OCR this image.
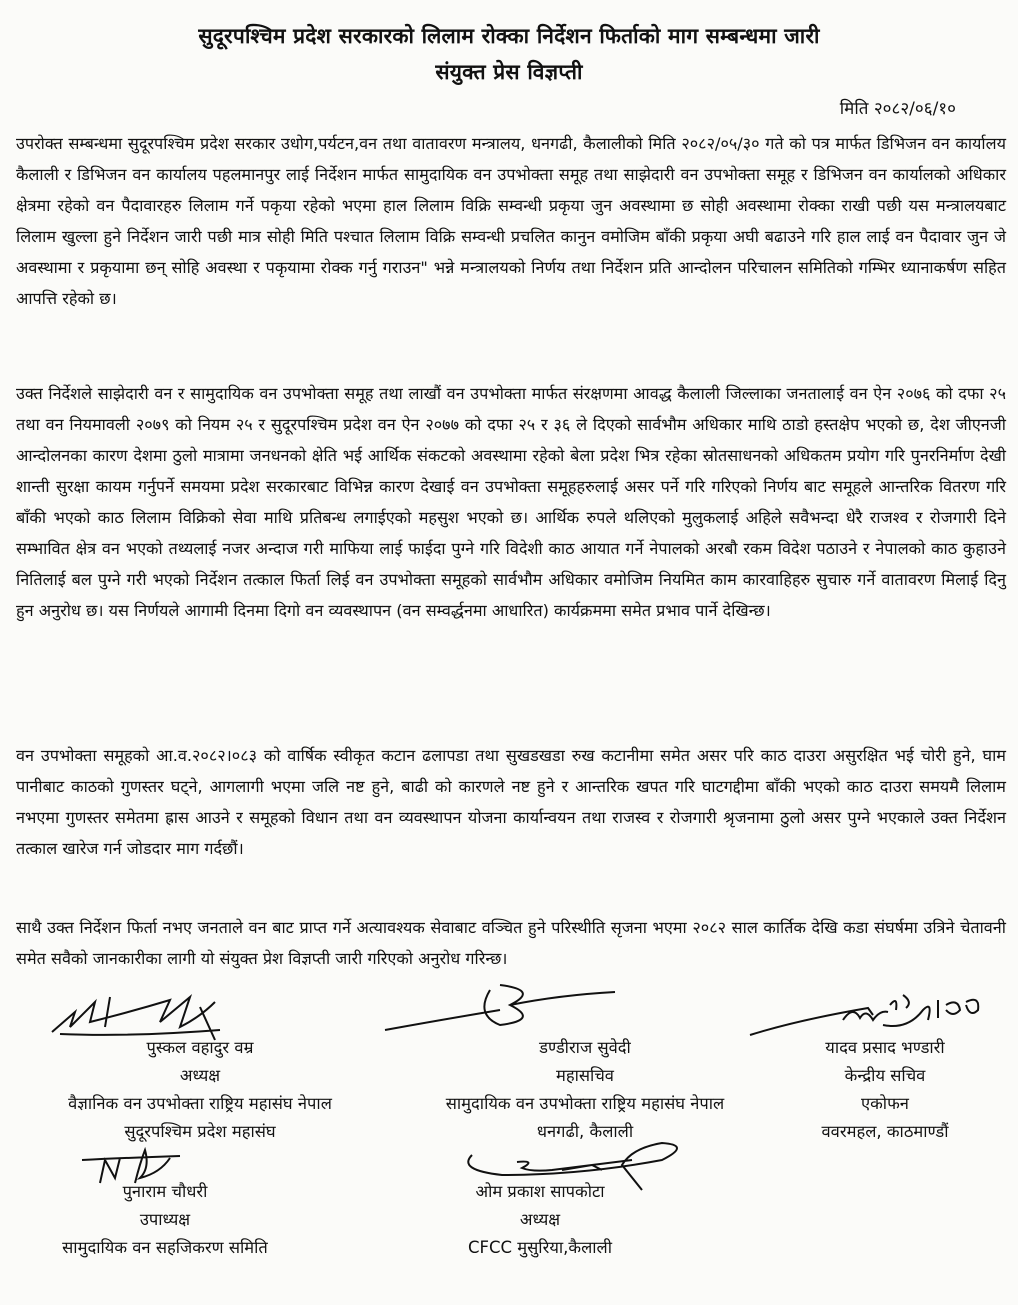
सुदूरपश्चिम प्रदेश सरकारको लिलाम रोक्का निर्देशन फिर्ताको माग सम्बन्धमा जारी
संयुक्त प्रेस विज्ञप्ती
मिति २०८२/०६/१०
उपरोक्त सम्बन्धमा सुदूरपश्चिम प्रदेश सरकार उधोग,पर्यटन,वन तथा वातावरण मन्त्रालय, धनगढी, कैलालीको मिति २०८२/०५/३० गते को पत्र मार्फत डिभिजन वन कार्यालय कैलाली र डिभिजन वन कार्यालय पहलमानपुर लाई निर्देशन मार्फत सामुदायिक वन उपभोक्ता समूह तथा साझेदारी वन उपभोक्ता समूह र डिभिजन वन कार्यालको अधिकार क्षेत्रमा रहेको वन पैदावारहरु लिलाम गर्ने पकृया रहेको भएमा हाल लिलाम विक्रि सम्वन्धी प्रकृया जुन अवस्थामा छ सोही अवस्थामा रोक्का राखी पछी यस मन्त्रालयबाट लिलाम खुल्ला हुने निर्देशन जारी पछी मात्र सोही मिति पश्चात लिलाम विक्रि सम्वन्धी प्रचलित कानुन वमोजिम बाँकी प्रकृया अघी बढाउने गरि हाल लाई वन पैदावार जुन जे अवस्थामा र प्रकृयामा छन् सोहि अवस्था र पकृयामा रोक्क गर्नु गराउन" भन्ने मन्त्रालयको निर्णय तथा निर्देशन प्रति आन्दोलन परिचालन समितिको गम्भिर ध्यानाकर्षण सहित आपत्ति रहेको छ।
उक्त निर्देशले साझेदारी वन र सामुदायिक वन उपभोक्ता समूह तथा लाखौं वन उपभोक्ता मार्फत संरक्षणमा आवद्ध कैलाली जिल्लाका जनतालाई वन ऐन २०७६ को दफा २५ तथा वन नियमावली २०७९ को नियम २५ र सुदूरपश्चिम प्रदेश वन ऐन २०७७ को दफा २५ र ३६ ले दिएको सार्वभौम अधिकार माथि ठाडो हस्तक्षेप भएको छ, देश जीएनजी आन्दोलनका कारण देशमा ठुलो मात्रामा जनधनको क्षेति भई आर्थिक संकटको अवस्थामा रहेको बेला प्रदेश भित्र रहेका स्रोतसाधनको अधिकतम प्रयोग गरि पुनरनिर्माण देखी शान्ती सुरक्षा कायम गर्नुपर्ने समयमा प्रदेश सरकारबाट विभिन्न कारण देखाई वन उपभोक्ता समूहहरुलाई असर पर्ने गरि गरिएको निर्णय बाट समूहले आन्तरिक वितरण गरि बाँकी भएको काठ लिलाम विक्रिको सेवा माथि प्रतिबन्ध लगाईएको महसुश भएको छ। आर्थिक रुपले थलिएको मुलुकलाई अहिले सवैभन्दा धेरै राजश्व र रोजगारी दिने सम्भावित क्षेत्र वन भएको तथ्यलाई नजर अन्दाज गरी माफिया लाई फाईदा पुग्ने गरि विदेशी काठ आयात गर्ने नेपालको अरबौ रकम विदेश पठाउने र नेपालको काठ कुहाउने नितिलाई बल पुग्ने गरी भएको निर्देशन तत्काल फिर्ता लिई वन उपभोक्ता समूहको सार्वभौम अधिकार वमोजिम नियमित काम कारवाहिहरु सुचारु गर्ने वातावरण मिलाई दिनु हुन अनुरोध छ। यस निर्णयले आगामी दिनमा दिगो वन व्यवस्थापन (वन सम्वर्द्धनमा आधारित) कार्यक्रममा समेत प्रभाव पार्ने देखिन्छ।
वन उपभोक्ता समूहको आ.व.२०८२।०८३ को वार्षिक स्वीकृत कटान ढलापडा तथा सुखडखडा रुख कटानीमा समेत असर परि काठ दाउरा असुरक्षित भई चोरी हुने, घाम पानीबाट काठको गुणस्तर घट्ने, आगलागी भएमा जलि नष्ट हुने, बाढी को कारणले नष्ट हुने र आन्तरिक खपत गरि घाटगद्दीमा बाँकी भएको काठ दाउरा समयमै लिलाम नभएमा गुणस्तर समेतमा ह्रास आउने र समूहको विधान तथा वन व्यवस्थापन योजना कार्यान्वयन तथा राजस्व र रोजगारी श्रृजनामा ठुलो असर पुग्ने भएकाले उक्त निर्देशन तत्काल खारेज गर्न जोडदार माग गर्दछौं।
साथै उक्त निर्देशन फिर्ता नभए जनताले वन बाट प्राप्त गर्ने अत्यावश्यक सेवाबाट वञ्चित हुने परिस्थीति सृजना भएमा २०८२ साल कार्तिक देखि कडा संघर्षमा उत्रिने चेतावनी समेत सवैको जानकारीका लागी यो संयुक्त प्रेश विज्ञप्ती जारी गरिएको अनुरोध गरिन्छ।
पुस्कल वहादुर वम्र
अध्यक्ष
वैज्ञानिक वन उपभोक्ता राष्ट्रिय महासंघ नेपाल
सुदूरपश्चिम प्रदेश महासंघ
डण्डीराज सुवेदी
महासचिव
सामुदायिक वन उपभोक्ता राष्ट्रिय महासंघ नेपाल
धनगढी, कैलाली
यादव प्रसाद भण्डारी
केन्द्रीय सचिव
एकोफन
ववरमहल, काठमाण्डौं
पुनाराम चौधरी
उपाध्यक्ष
सामुदायिक वन सहजिकरण समिति
ओम प्रकाश सापकोटा
अध्यक्ष
CFCC मुसुरिया,कैलाली
